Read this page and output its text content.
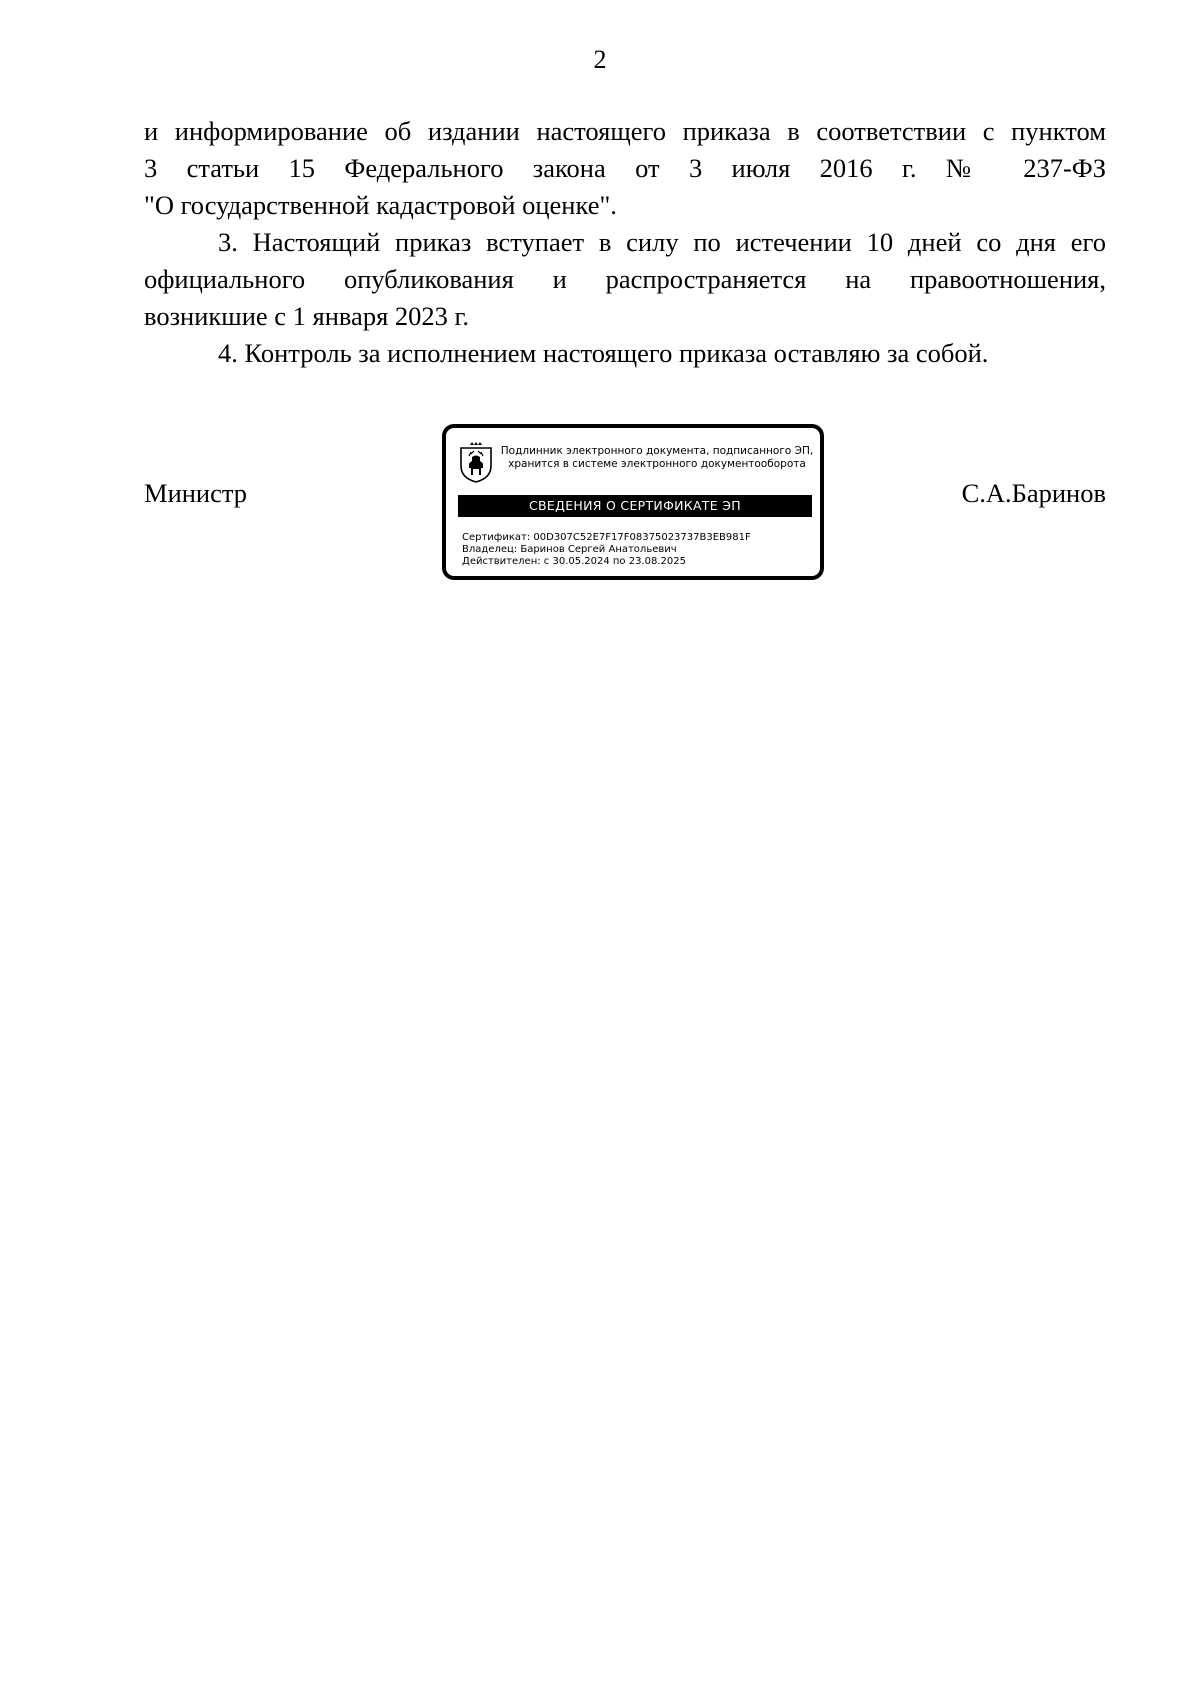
2

и информирование об издании настоящего приказа в соответствии с пунктом
3 статьи 15 Федерального закона от 3 июля 2016 г. № 237-ФЗ
"О государственной кадастровой оценке".

3. Настоящий приказ вступает в силу по истечении 10 дней со дня его
официального опубликования и распространяется на правоотношения,
возникшие с 1 января 2023 г.

4. Контроль за исполнением настоящего приказа оставляю за собой.

Министр
Подлинник электронного документа, подписанного ЭП,
хранится в системе электронного документооборота
СВЕДЕНИЯ О СЕРТИФИКАТЕ ЭП
Сертификат: 00D307C52E7F17F08375023737B3EB981F
Владелец: Баринов Сергей Анатольевич
Действителен: с 30.05.2024 по 23.08.2025
С.А.Баринов
